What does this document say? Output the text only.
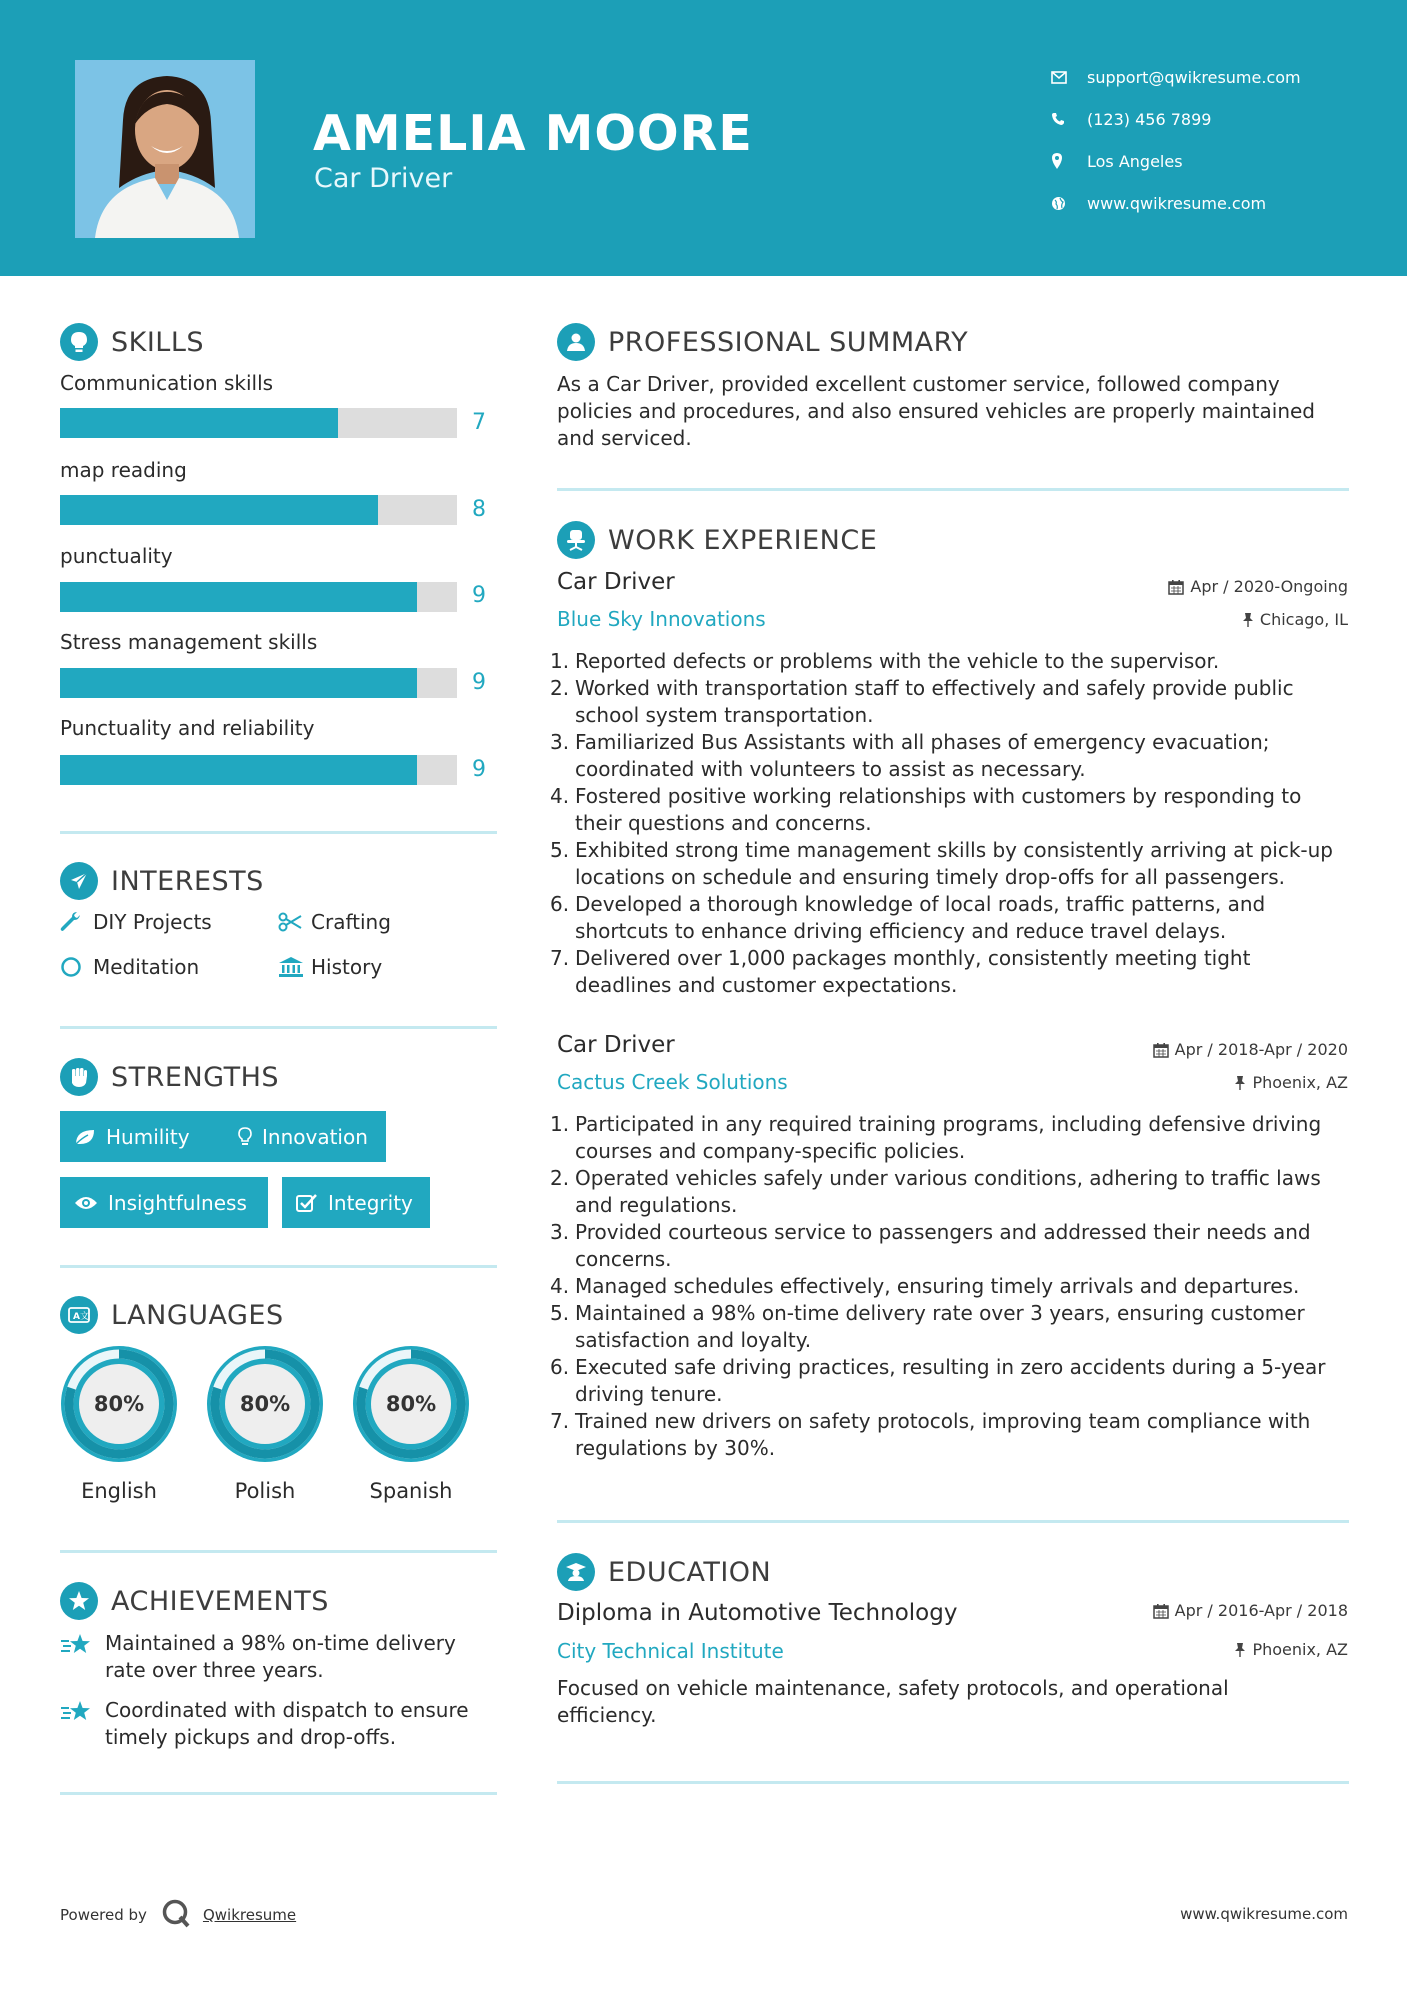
AMELIA MOORE
Car Driver
support@qwikresume.com
(123) 456 7899
Los Angeles
www.qwikresume.com
SKILLS
Communication skills
7
map reading
8
punctuality
9
Stress management skills
9
Punctuality and reliability
9
INTERESTS
DIY Projects	Crafting
Meditation	History
STRENGTHS
Humility	Innovation
Insightfulness	Integrity
A 文 LANGUAGES
80%
English
80%
Polish
80%
Spanish
ACHIEVEMENTS
Maintained a 98% on-time delivery rate over three years.
Coordinated with dispatch to ensure timely pickups and drop-offs.
PROFESSIONAL SUMMARY
As a Car Driver, provided excellent customer service, followed company policies and procedures, and also ensured vehicles are properly maintained and serviced.
WORK EXPERIENCE
Car Driver	Apr / 2020-Ongoing
Blue Sky Innovations	Chicago, IL
1. Reported defects or problems with the vehicle to the supervisor.
2. Worked with transportation staff to effectively and safely provide public school system transportation.
3. Familiarized Bus Assistants with all phases of emergency evacuation; coordinated with volunteers to assist as necessary.
4. Fostered positive working relationships with customers by responding to their questions and concerns.
5. Exhibited strong time management skills by consistently arriving at pick-up locations on schedule and ensuring timely drop-offs for all passengers.
6. Developed a thorough knowledge of local roads, traffic patterns, and shortcuts to enhance driving efficiency and reduce travel delays.
7. Delivered over 1,000 packages monthly, consistently meeting tight deadlines and customer expectations.
Car Driver	Apr / 2018-Apr / 2020
Cactus Creek Solutions	Phoenix, AZ
1. Participated in any required training programs, including defensive driving courses and company-specific policies.
2. Operated vehicles safely under various conditions, adhering to traffic laws and regulations.
3. Provided courteous service to passengers and addressed their needs and concerns.
4. Managed schedules effectively, ensuring timely arrivals and departures.
5. Maintained a 98% on-time delivery rate over 3 years, ensuring customer satisfaction and loyalty.
6. Executed safe driving practices, resulting in zero accidents during a 5-year driving tenure.
7. Trained new drivers on safety protocols, improving team compliance with regulations by 30%.
EDUCATION
Diploma in Automotive Technology	Apr / 2016-Apr / 2018
City Technical Institute	Phoenix, AZ
Focused on vehicle maintenance, safety protocols, and operational efficiency.
Powered by	Qwikresume	www.qwikresume.com
